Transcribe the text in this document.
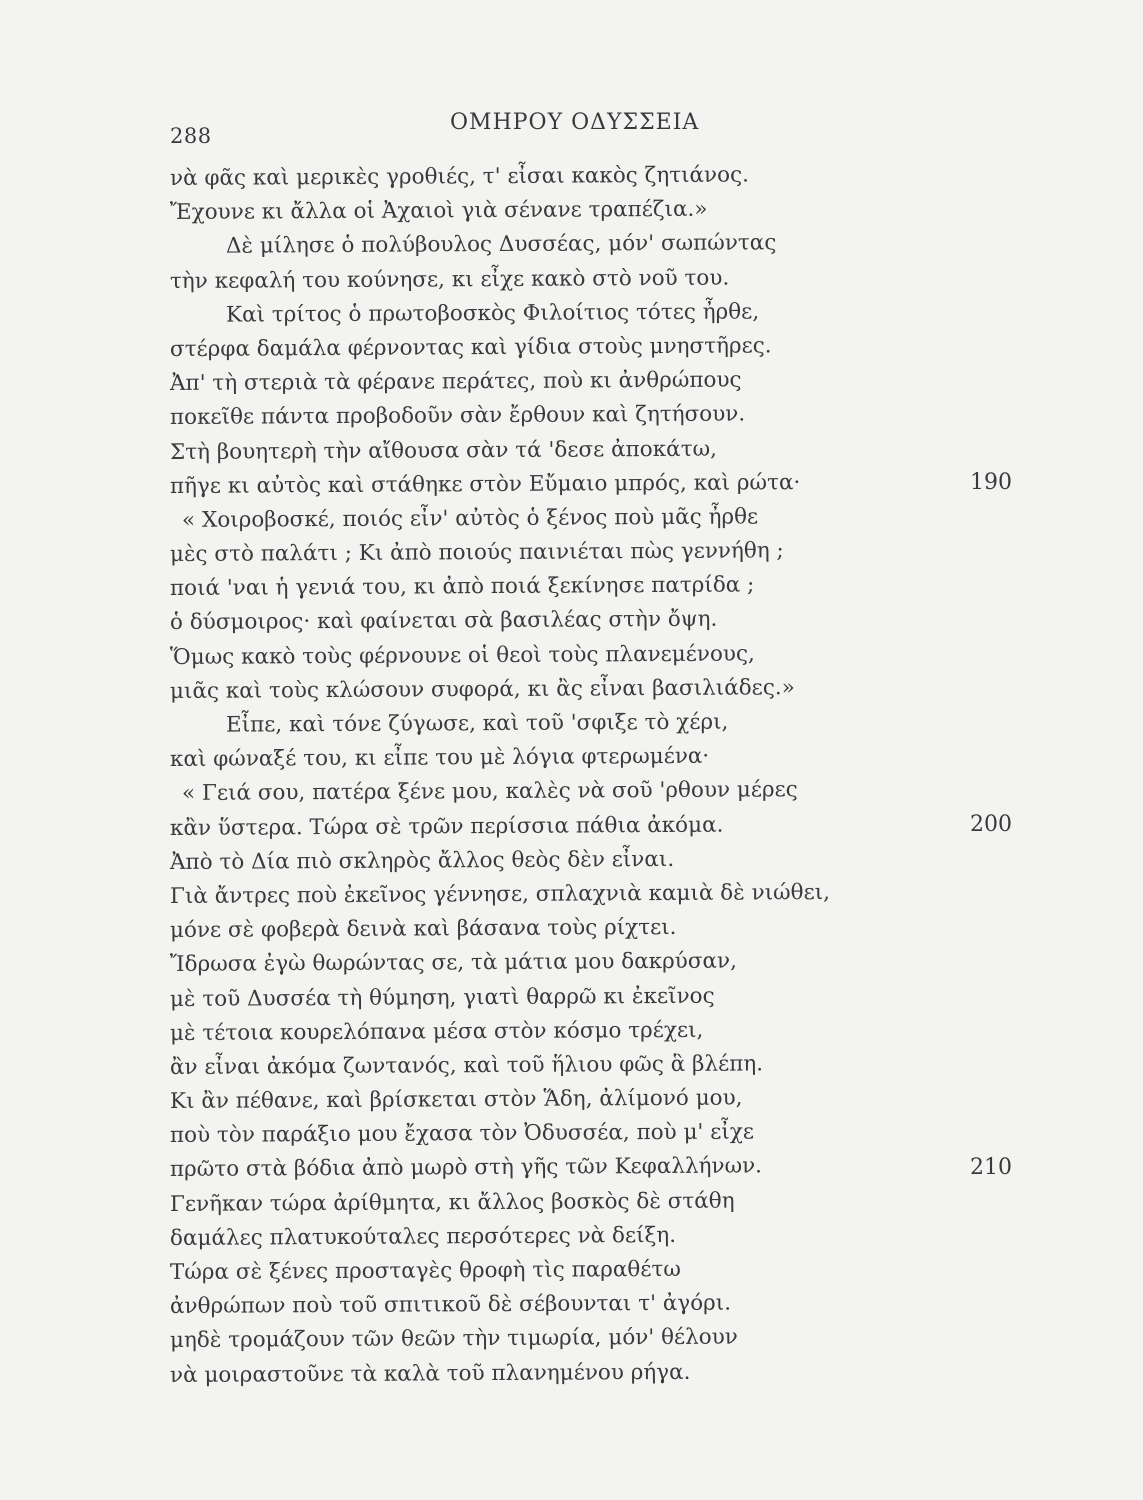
288
ΟΜΗΡΟΥ ΟΔΥΣΣΕΙΑ
νὰ φᾶς καὶ μερικὲς γροθιές, τ' εἶσαι κακὸς ζητιάνος.
Ἔχουνε κι ἄλλα οἱ Ἀχαιοὶ γιὰ σένανε τραπέζια.»
Δὲ μίλησε ὁ πολύβουλος Δυσσέας, μόν' σωπώντας
τὴν κεφαλή του κούνησε, κι εἶχε κακὸ στὸ νοῦ του.
Καὶ τρίτος ὁ πρωτοβοσκὸς Φιλοίτιος τότες ἦρθε,
στέρφα δαμάλα φέρνοντας καὶ γίδια στοὺς μνηστῆρες.
Ἀπ' τὴ στεριὰ τὰ φέρανε περάτες, ποὺ κι ἀνθρώπους
ποκεῖθε πάντα προβοδοῦν σὰν ἔρθουν καὶ ζητήσουν.
Στὴ βουητερὴ τὴν αἴθουσα σὰν τά 'δεσε ἀποκάτω,
πῆγε κι αὐτὸς καὶ στάθηκε στὸν Εὔμαιο μπρός, καὶ ρώτα·
« Χοιροβοσκέ, ποιός εἶν' αὐτὸς ὁ ξένος ποὺ μᾶς ἦρθε
μὲς στὸ παλάτι ; Κι ἀπὸ ποιούς παινιέται πὼς γεννήθη ;
ποιά 'ναι ἡ γενιά του, κι ἀπὸ ποιά ξεκίνησε πατρίδα ;
ὁ δύσμοιρος· καὶ φαίνεται σὰ βασιλέας στὴν ὄψη.
Ὅμως κακὸ τοὺς φέρνουνε οἱ θεοὶ τοὺς πλανεμένους,
μιᾶς καὶ τοὺς κλώσουν συφορά, κι ἂς εἶναι βασιλιάδες.»
Εἶπε, καὶ τόνε ζύγωσε, καὶ τοῦ 'σφιξε τὸ χέρι,
καὶ φώναξέ του, κι εἶπε του μὲ λόγια φτερωμένα·
« Γειά σου, πατέρα ξένε μου, καλὲς νὰ σοῦ 'ρθουν μέρες
κἂν ὕστερα. Τώρα σὲ τρῶν περίσσια πάθια ἀκόμα.
Ἀπὸ τὸ Δία πιὸ σκληρὸς ἄλλος θεὸς δὲν εἶναι.
Γιὰ ἄντρες ποὺ ἐκεῖνος γέννησε, σπλαχνιὰ καμιὰ δὲ νιώθει,
μόνε σὲ φοβερὰ δεινὰ καὶ βάσανα τοὺς ρίχτει.
Ἴδρωσα ἐγὼ θωρώντας σε, τὰ μάτια μου δακρύσαν,
μὲ τοῦ Δυσσέα τὴ θύμηση, γιατὶ θαρρῶ κι ἐκεῖνος
μὲ τέτοια κουρελόπανα μέσα στὸν κόσμο τρέχει,
ἂν εἶναι ἀκόμα ζωντανός, καὶ τοῦ ἥλιου φῶς ἃ βλέπη.
Κι ἂν πέθανε, καὶ βρίσκεται στὸν Ἅδη, ἀλίμονό μου,
ποὺ τὸν παράξιο μου ἔχασα τὸν Ὀδυσσέα, ποὺ μ' εἶχε
πρῶτο στὰ βόδια ἀπὸ μωρὸ στὴ γῆς τῶν Κεφαλλήνων.
Γενῆκαν τώρα ἀρίθμητα, κι ἄλλος βοσκὸς δὲ στάθη
δαμάλες πλατυκούταλες περσότερες νὰ δείξη.
Τώρα σὲ ξένες προσταγὲς θροφὴ τὶς παραθέτω
ἀνθρώπων ποὺ τοῦ σπιτικοῦ δὲ σέβουνται τ' ἀγόρι.
μηδὲ τρομάζουν τῶν θεῶν τὴν τιμωρία, μόν' θέλουν
νὰ μοιραστοῦνε τὰ καλὰ τοῦ πλανημένου ρήγα.
190
200
210
